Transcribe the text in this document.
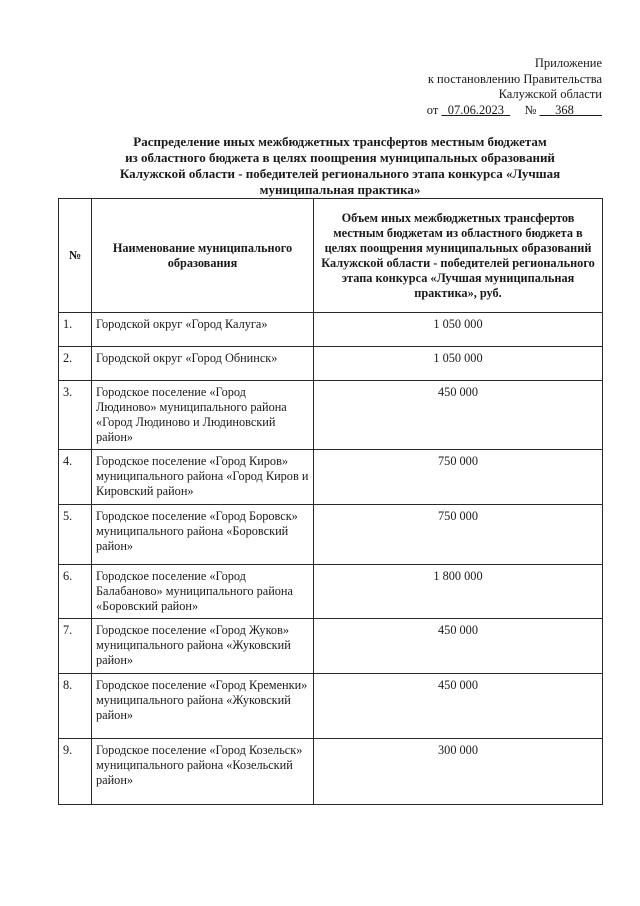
Приложение
к постановлению Правительства
Калужской области
от 07.06.2023 № 368
Распределение иных межбюджетных трансфертов местным бюджетам
из областного бюджета в целях поощрения муниципальных образований
Калужской области - победителей регионального этапа конкурса «Лучшая
муниципальная практика»
№	Наименование муниципального образования	Объем иных межбюджетных трансфертов местным бюджетам из областного бюджета в целях поощрения муниципальных образований Калужской области - победителей регионального этапа конкурса «Лучшая муниципальная практика», руб.
1.	Городской округ «Город Калуга»	1 050 000
2.	Городской округ «Город Обнинск»	1 050 000
3.	Городское поселение «Город Людиново» муниципального района «Город Людиново и Людиновский район»	450 000
4.	Городское поселение «Город Киров» муниципального района «Город Киров и Кировский район»	750 000
5.	Городское поселение «Город Боровск» муниципального района «Боровский район»	750 000
6.	Городское поселение «Город Балабаново» муниципального района «Боровский район»	1 800 000
7.	Городское поселение «Город Жуков» муниципального района «Жуковский район»	450 000
8.	Городское поселение «Город Кременки» муниципального района «Жуковский район»	450 000
9.	Городское поселение «Город Козельск» муниципального района «Козельский район»	300 000
